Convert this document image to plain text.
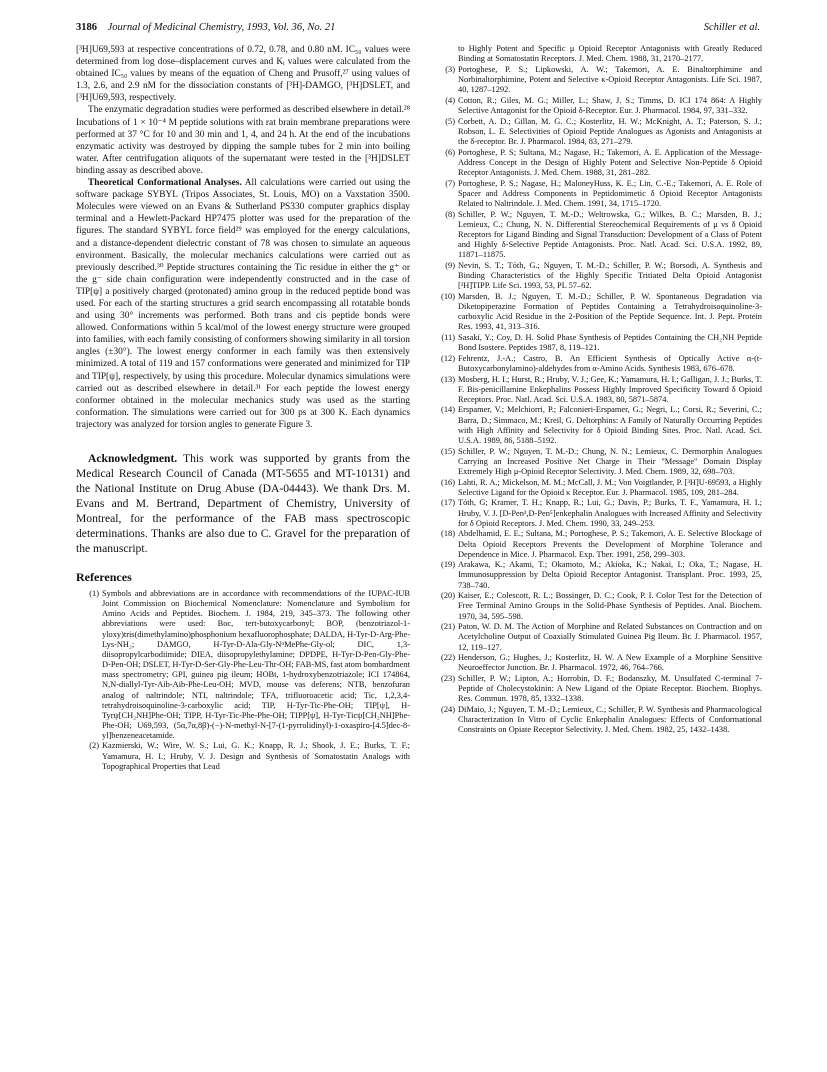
3186 Journal of Medicinal Chemistry, 1993, Vol. 36, No. 21	Schiller et al.

[³H]U69,593 at respective concentrations of 0.72, 0.78, and 0.80 nM. IC₅₀ values were determined from log dose–displacement curves and Kᵢ values were calculated from the obtained IC₅₀ values by means of the equation of Cheng and Prusoff,²⁷ using values of 1.3, 2.6, and 2.9 nM for the dissociation constants of [³H]-DAMGO, [³H]DSLET, and [³H]U69,593, respectively.

The enzymatic degradation studies were performed as described elsewhere in detail.²⁸ Incubations of 1 × 10⁻⁴ M peptide solutions with rat brain membrane preparations were performed at 37 °C for 10 and 30 min and 1, 4, and 24 h. At the end of the incubations enzymatic activity was destroyed by dipping the sample tubes for 2 min into boiling water. After centrifugation aliquots of the supernatant were tested in the [³H]DSLET binding assay as described above.

Theoretical Conformational Analyses. All calculations were carried out using the software package SYBYL (Tripos Associates, St. Louis, MO) on a Vaxstation 3500. Molecules were viewed on an Evans & Sutherland PS330 computer graphics display terminal and a Hewlett-Packard HP7475 plotter was used for the preparation of the figures. The standard SYBYL force field²⁹ was employed for the energy calculations, and a distance-dependent dielectric constant of 78 was chosen to simulate an aqueous environment. Basically, the molecular mechanics calculations were carried out as previously described.³⁰ Peptide structures containing the Tic residue in either the g⁺ or the g⁻ side chain configuration were independently constructed and in the case of TIP[ψ] a positively charged (protonated) amino group in the reduced peptide bond was used. For each of the starting structures a grid search encompassing all rotatable bonds and using 30° increments was performed. Both trans and cis peptide bonds were allowed. Conformations within 5 kcal/mol of the lowest energy structure were grouped into families, with each family consisting of conformers showing similarity in all torsion angles (±30°). The lowest energy conformer in each family was then extensively minimized. A total of 119 and 157 conformations were generated and minimized for TIP and TIP[ψ], respectively, by using this procedure. Molecular dynamics simulations were carried out as described elsewhere in detail.³¹ For each peptide the lowest energy conformer obtained in the molecular mechanics study was used as the starting conformation. The simulations were carried out for 300 ps at 300 K. Each dynamics trajectory was analyzed for torsion angles to generate Figure 3.

Acknowledgment. This work was supported by grants from the Medical Research Council of Canada (MT-5655 and MT-10131) and the National Institute on Drug Abuse (DA-04443). We thank Drs. M. Evans and M. Bertrand, Department of Chemistry, University of Montreal, for the performance of the FAB mass spectroscopic determinations. Thanks are also due to C. Gravel for the preparation of the manuscript.

References
(1) Symbols and abbreviations are in accordance with recommendations of the IUPAC-IUB Joint Commission on Biochemical Nomenclature: Nomenclature and Symbolism for Amino Acids and Peptides. Biochem. J. 1984, 219, 345–373. The following other abbreviations were used: Boc, tert-butoxycarbonyl; BOP, (benzotriazol-1-yloxy)tris(dimethylamino)phosphonium hexafluorophosphate; DALDA, H-Tyr-D-Arg-Phe-Lys-NH₂; DAMGO, H-Tyr-D-Ala-Gly-NᵅMePhe-Gly-ol; DIC, 1,3-diisopropylcarbodiimide; DIEA, diisopropylethylamine; DPDPE, H-Tyr-D-Pen-Gly-Phe-D-Pen-OH; DSLET, H-Tyr-D-Ser-Gly-Phe-Leu-Thr-OH; FAB-MS, fast atom bombardment mass spectrometry; GPI, guinea pig ileum; HOBt, 1-hydroxybenzotriazole; ICI 174864, N,N-diallyl-Tyr-Aib-Aib-Phe-Leu-OH; MVD, mouse vas deferens; NTB, benzofuran analog of naltrindole; NTI, naltrindole; TFA, trifluoroacetic acid; Tic, 1,2,3,4-tetrahydroisoquinoline-3-carboxylic acid; TIP, H-Tyr-Tic-Phe-OH; TIP[ψ], H-Tyrψ[CH₂NH]Phe-OH; TIPP, H-Tyr-Tic-Phe-Phe-OH; TIPP[ψ], H-Tyr-Ticψ[CH₂NH]Phe-Phe-OH; U69,593, (5α,7α,8β)-(−)-N-methyl-N-[7-(1-pyrrolidinyl)-1-oxaspiro-[4.5]dec-8-yl]benzeneacetamide.
(2) Kazmierski, W.; Wire, W. S.; Lui, G. K.; Knapp, R. J.; Shook, J. E.; Burks, T. F.; Yamamura, H. I.; Hruby, V. J. Design and Synthesis of Somatostatin Analogs with Topographical Properties that Lead
to Highly Potent and Specific μ Opioid Receptor Antagonists with Greatly Reduced Binding at Somatostatin Receptors. J. Med. Chem. 1988, 31, 2170–2177.
(3) Portoghese, P. S.; Lipkowski, A. W.; Takemori, A. E. Binaltorphimine and Norbinaltorphimine, Potent and Selective κ-Opioid Receptor Antagonists. Life Sci. 1987, 40, 1287–1292.
(4) Cotton, R.; Giles, M. G.; Miller, L.; Shaw, J. S.; Timms, D. ICI 174 864: A Highly Selective Antagonist for the Opioid δ-Receptor. Eur. J. Pharmacol. 1984, 97, 331–332.
(5) Corbett, A. D.; Gillan, M. G. C.; Kosterlitz, H. W.; McKnight, A. T.; Paterson, S. J.; Robson, L. E. Selectivities of Opioid Peptide Analogues as Agonists and Antagonists at the δ-receptor. Br. J. Pharmacol. 1984, 83, 271–279.
(6) Portoghese, P. S; Sultana, M.; Nagase, H.; Takemori, A. E. Application of the Message-Address Concept in the Design of Highly Potent and Selective Non-Peptide δ Opioid Receptor Antagonists. J. Med. Chem. 1988, 31, 281–282.
(7) Portoghese, P. S.; Nagase, H.; MaloneyHuss, K. E.; Lin, C.-E.; Takemori, A. E. Role of Spacer and Address Components in Peptidomimetic δ Opioid Receptor Antagonists Related to Naltrindole. J. Med. Chem. 1991, 34, 1715–1720.
(8) Schiller, P. W.; Nguyen, T. M.-D.; Weltrowska, G.; Wilkes, B. C.; Marsden, B. J.; Lemieux, C.; Chung, N. N. Differential Stereochemical Requirements of μ vs δ Opioid Receptors for Ligand Binding and Signal Transduction: Development of a Class of Potent and Highly δ-Selective Peptide Antagonists. Proc. Natl. Acad. Sci. U.S.A. 1992, 89, 11871–11875.
(9) Nevin, S. T.; Tóth, G.; Nguyen, T. M.-D.; Schiller, P. W.; Borsodi, A. Synthesis and Binding Characteristics of the Highly Specific Tritiated Delta Opioid Antagonist [³H]TIPP. Life Sci. 1993, 53, PL 57–62.
(10) Marsden, B. J.; Nguyen, T. M.-D.; Schiller, P. W. Spontaneous Degradation via Diketopiperazine Formation of Peptides Containing a Tetrahydroisoquinoline-3-carboxylic Acid Residue in the 2-Position of the Peptide Sequence. Int. J. Pept. Protein Res. 1993, 41, 313–316.
(11) Sasaki, Y.; Coy, D. H. Solid Phase Synthesis of Peptides Containing the CH₂NH Peptide Bond Isostere. Peptides 1987, 8, 119–121.
(12) Fehrentz, J.-A.; Castro, B. An Efficient Synthesis of Optically Active α-(t-Butoxycarbonylamino)-aldehydes from α-Amino Acids. Synthesis 1983, 676–678.
(13) Mosberg, H. I.; Hurst, R.; Hruby, V. J.; Gee, K.; Yamamura, H. I.; Galligan, J. J.; Burks, T. F. Bis-penicillamine Enkephalins Possess Highly Improved Specificity Toward δ Opioid Receptors. Proc. Natl. Acad. Sci. U.S.A. 1983, 80, 5871–5874.
(14) Erspamer, V.; Melchiorri, P.; Falconieri-Erspamer, G.; Negri, L.; Corsi, R.; Severini, C.; Barra, D.; Simmaco, M.; Kreil, G. Deltorphins: A Family of Naturally Occurring Peptides with High Affinity and Selectivity for δ Opioid Binding Sites. Proc. Natl. Acad. Sci. U.S.A. 1989, 86, 5188–5192.
(15) Schiller, P. W.; Nguyen, T. M.-D.; Chung, N. N.; Lemieux, C. Dermorphin Analogues Carrying an Increased Positive Net Charge in Their "Message" Domain Display Extremely High μ-Opioid Receptor Selectivity. J. Med. Chem. 1989, 32, 698–703.
(16) Lahti, R. A.; Mickelson, M. M.; McCall, J. M.; Von Voigtlander, P. [³H]U-69593, a Highly Selective Ligand for the Opioid κ Receptor. Eur. J. Pharmacol. 1985, 109, 281–284.
(17) Tóth, G; Kramer, T. H.; Knapp, R.; Lui, G.; Davis, P.; Burks, T. F., Yamamura, H. I.; Hruby, V. J. [D-Pen²,D-Pen⁵]enkephalin Analogues with Increased Affinity and Selectivity for δ Opioid Receptors. J. Med. Chem. 1990, 33, 249–253.
(18) Abdelhamid, E. E.; Sultana, M.; Portoghese, P. S.; Takemori, A. E. Selective Blockage of Delta Opioid Receptors Prevents the Development of Morphine Tolerance and Dependence in Mice. J. Pharmacol. Exp. Ther. 1991, 258, 299–303.
(19) Arakawa, K.; Akami, T.; Okamoto, M.; Akioka, K.; Nakai, I.; Oka, T.; Nagase, H. Immunosuppression by Delta Opioid Receptor Antagonist. Transplant. Proc. 1993, 25, 738–740.
(20) Kaiser, E.; Colescott, R. L.; Bossinger, D. C.; Cook, P. I. Color Test for the Detection of Free Terminal Amino Groups in the Solid-Phase Synthesis of Peptides. Anal. Biochem. 1970, 34, 595–598.
(21) Paton, W. D. M. The Action of Morphine and Related Substances on Contraction and on Acetylcholine Output of Coaxially Stimulated Guinea Pig Ileum. Br. J. Pharmacol. 1957, 12, 119–127.
(22) Henderson, G.; Hughes, J.; Kosterlitz, H. W. A New Example of a Morphine Sensitive Neuroeffector Junction. Br. J. Pharmacol. 1972, 46, 764–766.
(23) Schiller, P. W.; Lipton, A.; Horrobin, D. F.; Bodanszky, M. Unsulfated C-terminal 7-Peptide of Cholecystokinin: A New Ligand of the Opiate Receptor. Biochem. Biophys. Res. Commun. 1978, 85, 1332–1338.
(24) DiMaio, J.; Nguyen, T. M.-D.; Lemieux, C.; Schiller, P. W. Synthesis and Pharmacological Characterization In Vitro of Cyclic Enkephalin Analogues: Effects of Conformational Constraints on Opiate Receptor Selectivity. J. Med. Chem. 1982, 25, 1432–1438.
